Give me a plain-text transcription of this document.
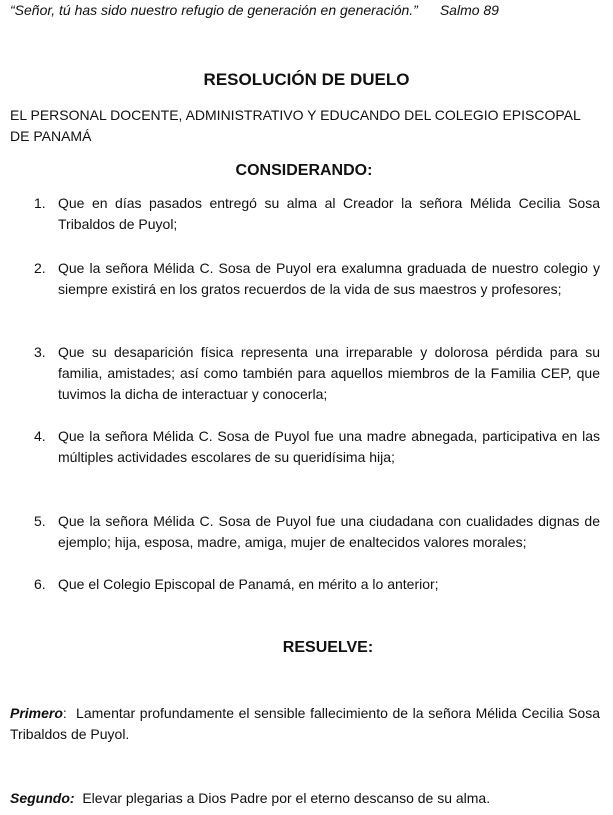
“Señor, tú has sido nuestro refugio de generación en generación.” Salmo 89
RESOLUCIÓN DE DUELO
EL PERSONAL DOCENTE, ADMINISTRATIVO Y EDUCANDO DEL COLEGIO EPISCOPAL DE PANAMÁ
CONSIDERANDO:
1. Que en días pasados entregó su alma al Creador la señora Mélida Cecilia Sosa Tribaldos de Puyol;
2. Que la señora Mélida C. Sosa de Puyol era exalumna graduada de nuestro colegio y siempre existirá en los gratos recuerdos de la vida de sus maestros y profesores;
3. Que su desaparición física representa una irreparable y dolorosa pérdida para su familia, amistades; así como también para aquellos miembros de la Familia CEP, que tuvimos la dicha de interactuar y conocerla;
4. Que la señora Mélida C. Sosa de Puyol fue una madre abnegada, participativa en las múltiples actividades escolares de su queridísima hija;
5. Que la señora Mélida C. Sosa de Puyol fue una ciudadana con cualidades dignas de ejemplo; hija, esposa, madre, amiga, mujer de enaltecidos valores morales;
6. Que el Colegio Episcopal de Panamá, en mérito a lo anterior;
RESUELVE:
Primero: Lamentar profundamente el sensible fallecimiento de la señora Mélida Cecilia Sosa Tribaldos de Puyol.
Segundo: Elevar plegarias a Dios Padre por el eterno descanso de su alma.
